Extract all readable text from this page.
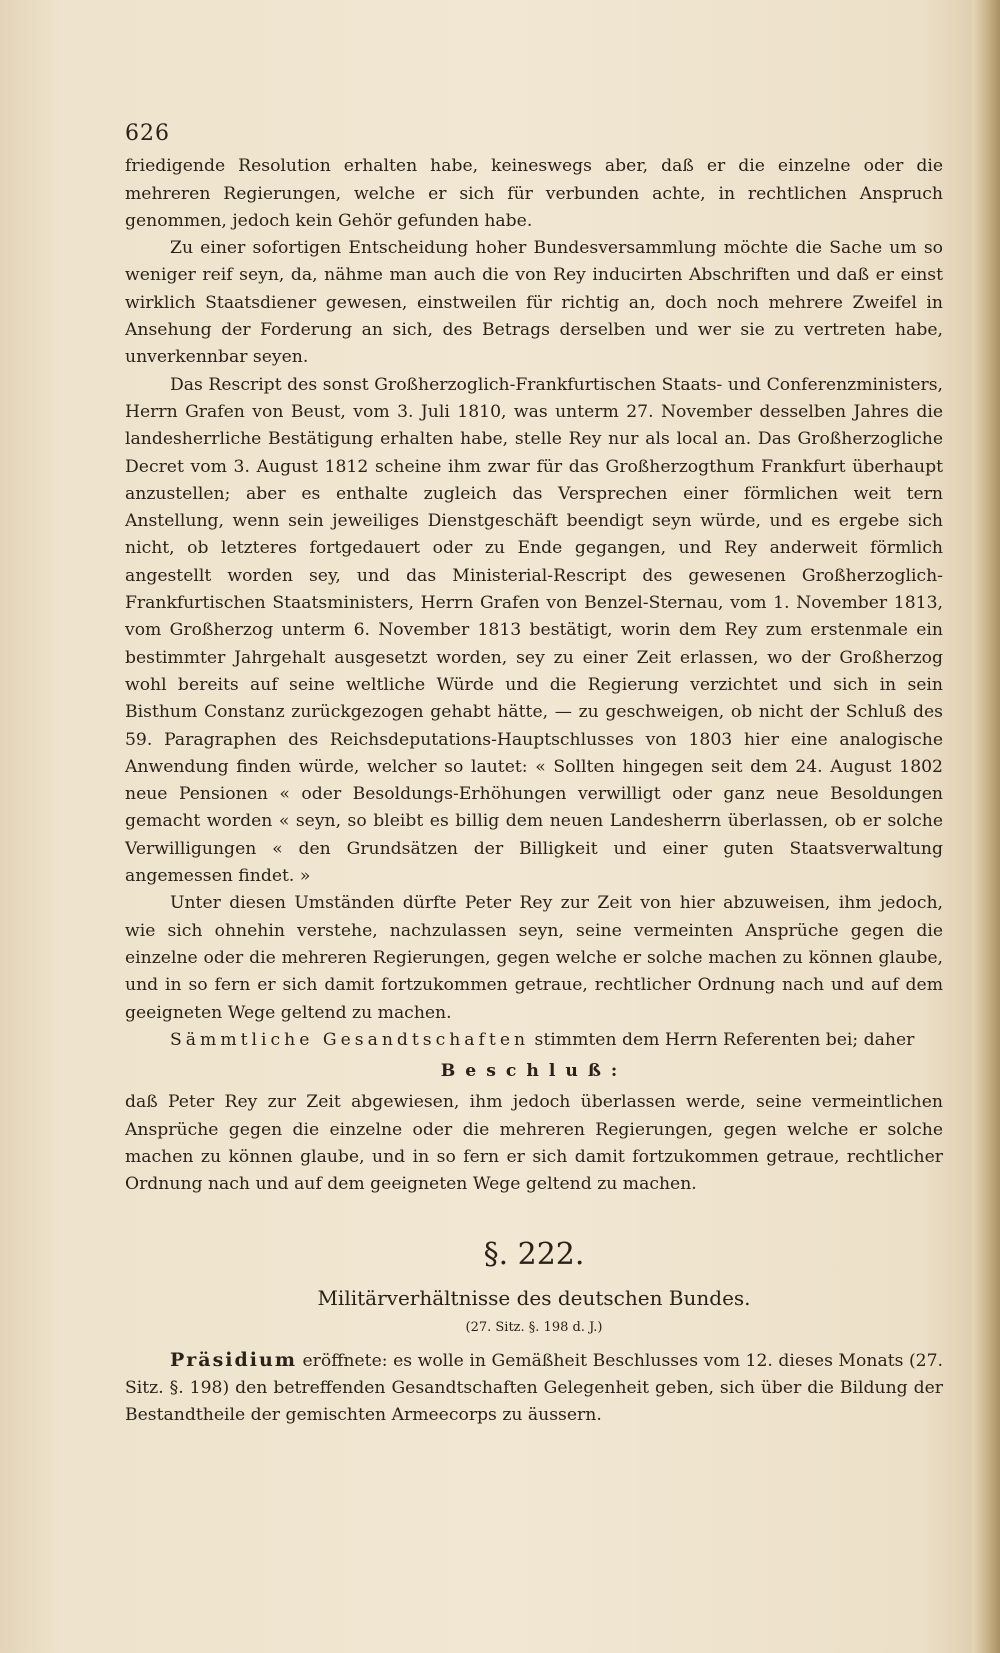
626

friedigende Resolution erhalten habe, keineswegs aber, daß er die einzelne oder die mehreren Regierungen, welche er sich für verbunden achte, in rechtlichen Anspruch genommen, jedoch kein Gehör gefunden habe.

Zu einer sofortigen Entscheidung hoher Bundesversammlung möchte die Sache um so weniger reif seyn, da, nähme man auch die von Rey inducirten Abschriften und daß er einst wirklich Staatsdiener gewesen, einstweilen für richtig an, doch noch mehrere Zweifel in Ansehung der Forderung an sich, des Betrags derselben und wer sie zu vertreten habe, unverkennbar seyen.

Das Rescript des sonst Großherzoglich-Frankfurtischen Staats- und Conferenzministers, Herrn Grafen von Beust, vom 3. Juli 1810, was unterm 27. November desselben Jahres die landesherrliche Bestätigung erhalten habe, stelle Rey nur als local an. Das Großherzogliche Decret vom 3. August 1812 scheine ihm zwar für das Großherzogthum Frankfurt überhaupt anzustellen; aber es enthalte zugleich das Versprechen einer förmlichen weit tern Anstellung, wenn sein jeweiliges Dienstgeschäft beendigt seyn würde, und es ergebe sich nicht, ob letzteres fortgedauert oder zu Ende gegangen, und Rey anderweit förmlich angestellt worden sey, und das Ministerial-Rescript des gewesenen Großherzoglich-Frankfurtischen Staatsministers, Herrn Grafen von Benzel-Sternau, vom 1. November 1813, vom Großherzog unterm 6. November 1813 bestätigt, worin dem Rey zum erstenmale ein bestimmter Jahrgehalt ausgesetzt worden, sey zu einer Zeit erlassen, wo der Großherzog wohl bereits auf seine weltliche Würde und die Regierung verzichtet und sich in sein Bisthum Constanz zurückgezogen gehabt hätte, — zu geschweigen, ob nicht der Schluß des 59. Paragraphen des Reichsdeputations-Hauptschlusses von 1803 hier eine analogische Anwendung finden würde, welcher so lautet: « Sollten hingegen seit dem 24. August 1802 neue Pensionen « oder Besoldungs-Erhöhungen verwilligt oder ganz neue Besoldungen gemacht worden « seyn, so bleibt es billig dem neuen Landesherrn überlassen, ob er solche Verwilligungen « den Grundsätzen der Billigkeit und einer guten Staatsverwaltung angemessen findet. »

Unter diesen Umständen dürfte Peter Rey zur Zeit von hier abzuweisen, ihm jedoch, wie sich ohnehin verstehe, nachzulassen seyn, seine vermeinten Ansprüche gegen die einzelne oder die mehreren Regierungen, gegen welche er solche machen zu können glaube, und in so fern er sich damit fortzukommen getraue, rechtlicher Ordnung nach und auf dem geeigneten Wege geltend zu machen.

Sämmtliche Gesandtschaften stimmten dem Herrn Referenten bei; daher

Beschluß:

daß Peter Rey zur Zeit abgewiesen, ihm jedoch überlassen werde, seine vermeintlichen Ansprüche gegen die einzelne oder die mehreren Regierungen, gegen welche er solche machen zu können glaube, und in so fern er sich damit fortzukommen getraue, rechtlicher Ordnung nach und auf dem geeigneten Wege geltend zu machen.

§. 222.
Militärverhältnisse des deutschen Bundes.
(27. Sitz. §. 198 d. J.)

Präsidium eröffnete: es wolle in Gemäßheit Beschlusses vom 12. dieses Monats (27. Sitz. §. 198) den betreffenden Gesandtschaften Gelegenheit geben, sich über die Bildung der Bestandtheile der gemischten Armeecorps zu äussern.
